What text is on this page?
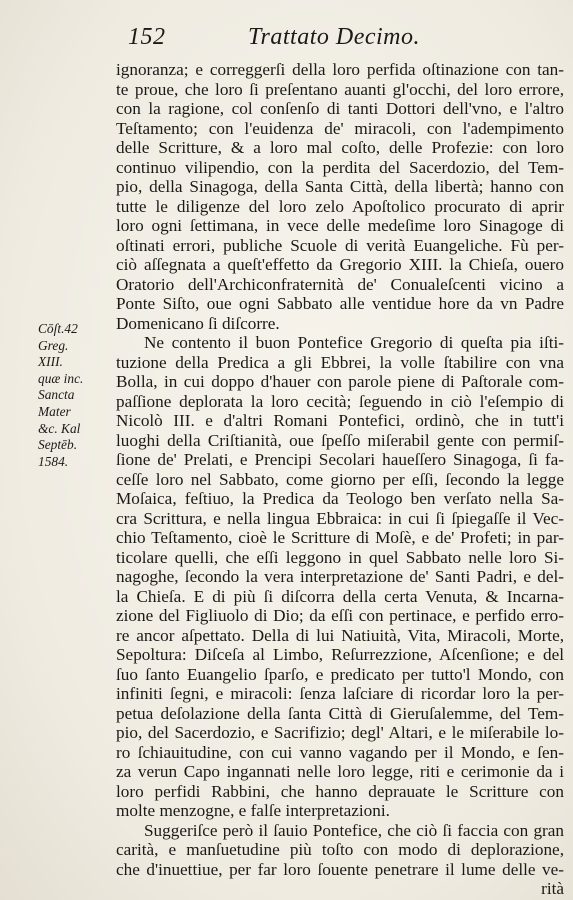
152	Trattato Decimo.
Cōſt.42
Greg.
XIII.
quæ inc.
Sancta
Mater
&c. Kal
Septēb.
1584.
ignoranza; e correggerſi della loro perfida oſtinazione con tan-
te proue, che loro ſi preſentano auanti gl'occhi, del loro errore,
con la ragione, col conſenſo di tanti Dottori dell'vno, e l'altro
Teſtamento; con l'euidenza de' miracoli, con l'adempimento
delle Scritture, & a loro mal coſto, delle Profezie: con loro
continuo vilipendio, con la perdita del Sacerdozio, del Tem-
pio, della Sinagoga, della Santa Città, della libertà; hanno con
tutte le diligenze del loro zelo Apoſtolico procurato di aprir
loro ogni ſettimana, in vece delle medeſime loro Sinagoge di
oſtinati errori, publiche Scuole di verità Euangeliche. Fù per-
ciò aſſegnata a queſt'effetto da Gregorio XIII. la Chieſa, ouero
Oratorio dell'Archiconfraternità de' Conualeſcenti vicino a
Ponte Siſto, oue ogni Sabbato alle ventidue hore da vn Padre
Domenicano ſi diſcorre.
Ne contento il buon Pontefice Gregorio di queſta pia iſti-
tuzione della Predica a gli Ebbrei, la volle ſtabilire con vna
Bolla, in cui doppo d'hauer con parole piene di Paſtorale com-
paſſione deplorata la loro cecità; ſeguendo in ciò l'eſempio di
Nicolò III. e d'altri Romani Pontefici, ordinò, che in tutt'i
luoghi della Criſtianità, oue ſpeſſo miſerabil gente con permiſ-
ſione de' Prelati, e Prencipi Secolari haueſſero Sinagoga, ſi fa-
ceſſe loro nel Sabbato, come giorno per eſſi, ſecondo la legge
Moſaica, feſtiuo, la Predica da Teologo ben verſato nella Sa-
cra Scrittura, e nella lingua Ebbraica: in cui ſi ſpiegaſſe il Vec-
chio Teſtamento, cioè le Scritture di Moſè, e de' Profeti; in par-
ticolare quelli, che eſſi leggono in quel Sabbato nelle loro Si-
nagoghe, ſecondo la vera interpretazione de' Santi Padri, e del-
la Chieſa. E di più ſi diſcorra della certa Venuta, & Incarna-
zione del Figliuolo di Dio; da eſſi con pertinace, e perfido erro-
re ancor aſpettato. Della di lui Natiuità, Vita, Miracoli, Morte,
Sepoltura: Diſceſa al Limbo, Reſurrezzione, Aſcenſione; e del
ſuo ſanto Euangelio ſparſo, e predicato per tutto'l Mondo, con
infiniti ſegni, e miracoli: ſenza laſciare di ricordar loro la per-
petua deſolazione della ſanta Città di Gieruſalemme, del Tem-
pio, del Sacerdozio, e Sacrifizio; degl' Altari, e le miſerabile lo-
ro ſchiauitudine, con cui vanno vagando per il Mondo, e ſen-
za verun Capo ingannati nelle loro legge, riti e cerimonie da i
loro perfidi Rabbini, che hanno deprauate le Scritture con
molte menzogne, e falſe interpretazioni.
Suggeriſce però il ſauio Pontefice, che ciò ſi faccia con gran
carità, e manſuetudine più toſto con modo di deplorazione,
che d'inuettiue, per far loro ſouente penetrare il lume delle ve-
rità
